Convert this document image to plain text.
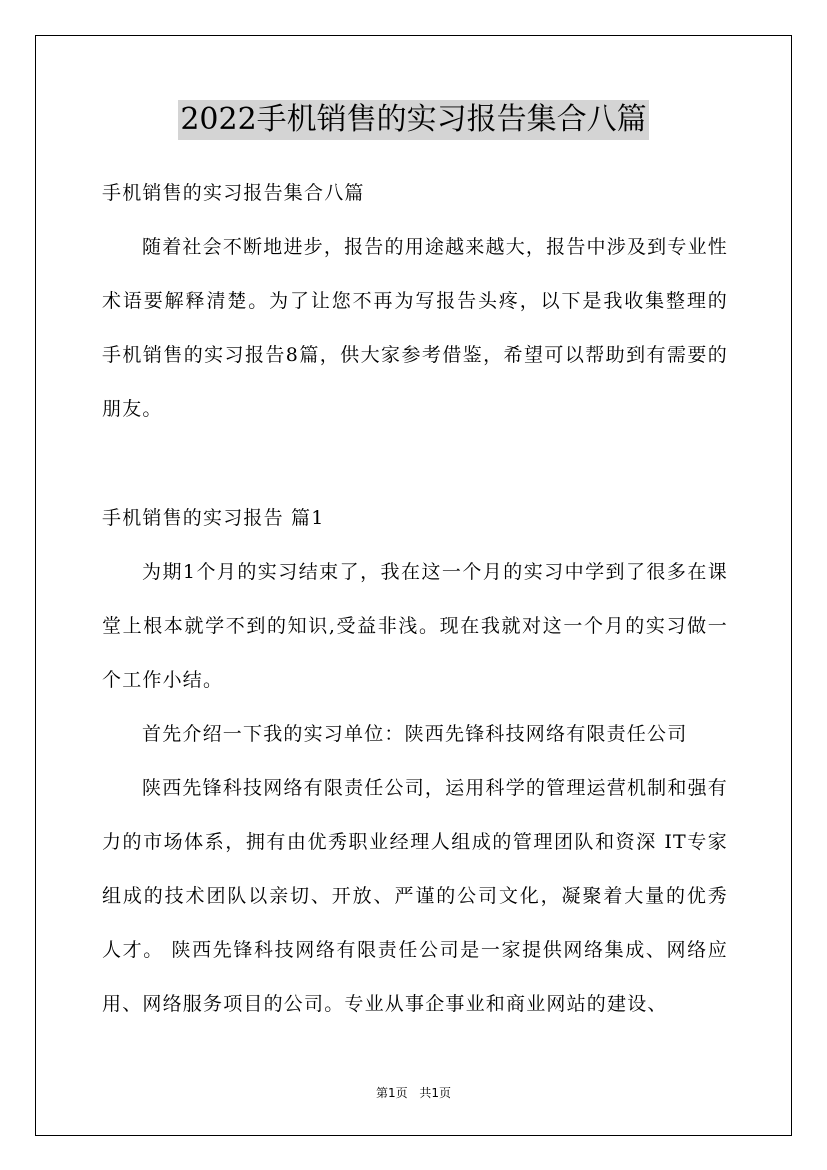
2022手机销售的实习报告集合八篇

手机销售的实习报告集合八篇

随着社会不断地进步，报告的用途越来越大，报告中涉及到专业性术语要解释清楚。为了让您不再为写报告头疼，以下是我收集整理的手机销售的实习报告8篇，供大家参考借鉴，希望可以帮助到有需要的朋友。

手机销售的实习报告 篇1

为期1个月的实习结束了，我在这一个月的实习中学到了很多在课堂上根本就学不到的知识,受益非浅。现在我就对这一个月的实习做一个工作小结。

首先介绍一下我的实习单位：陕西先锋科技网络有限责任公司

陕西先锋科技网络有限责任公司，运用科学的管理运营机制和强有力的市场体系，拥有由优秀职业经理人组成的管理团队和资深 IT专家组成的技术团队以亲切、开放、严谨的公司文化，凝聚着大量的优秀人才。 陕西先锋科技网络有限责任公司是一家提供网络集成、网络应用、网络服务项目的公司。专业从事企事业和商业网站的建设、

第1页 共1页
